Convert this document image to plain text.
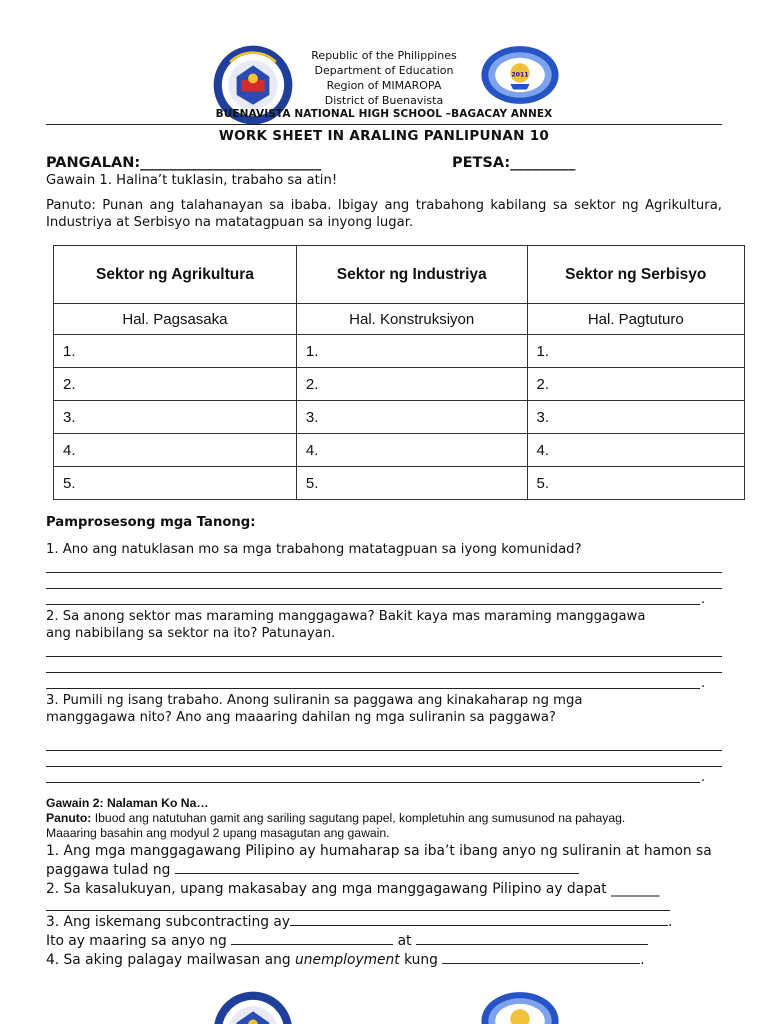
2011
Republic of the Philippines
Department of Education
Region of MIMAROPA
District of Buenavista
BUENAVISTA NATIONAL HIGH SCHOOL –BAGACAY ANNEX
WORK SHEET IN ARALING PANLIPUNAN 10
PANGALAN:_________________________	PETSA:_________
Gawain 1. Halina’t tuklasin, trabaho sa atin!
Panuto: Punan ang talahanayan sa ibaba. Ibigay ang trabahong kabilang sa sektor ng Agrikultura, Industriya at Serbisyo na matatagpuan sa inyong lugar.
Sektor ng Agrikultura	Sektor ng Industriya	Sektor ng Serbisyo
Hal. Pagsasaka	Hal. Konstruksiyon	Hal. Pagtuturo
1.	1.	1.
2.	2.	2.
3.	3.	3.
4.	4.	4.
5.	5.	5.
Pamprosesong mga Tanong:
1. Ano ang natuklasan mo sa mga trabahong matatagpuan sa iyong komunidad?
.
2. Sa anong sektor mas maraming manggagawa? Bakit kaya mas maraming manggagawa
ang nabibilang sa sektor na ito? Patunayan.
.
3. Pumili ng isang trabaho. Anong suliranin sa paggawa ang kinakaharap ng mga
manggagawa nito? Ano ang maaaring dahilan ng mga suliranin sa paggawa?
.
Gawain 2: Nalaman Ko Na…
Panuto: Ibuod ang natutuhan gamit ang sariling sagutang papel, kompletuhin ang sumusunod na pahayag.
Maaaring basahin ang modyul 2 upang masagutan ang gawain.
1. Ang mga manggagawang Pilipino ay humaharap sa iba’t ibang anyo ng suliranin at hamon sa
paggawa tulad ng
2. Sa kasalukuyan, upang makasabay ang mga manggagawang Pilipino ay dapat _______
3. Ang iskemang subcontracting ay	.
Ito ay maaring sa anyo ng	at
4. Sa aking palagay mailwasan ang unemployment kung	.
